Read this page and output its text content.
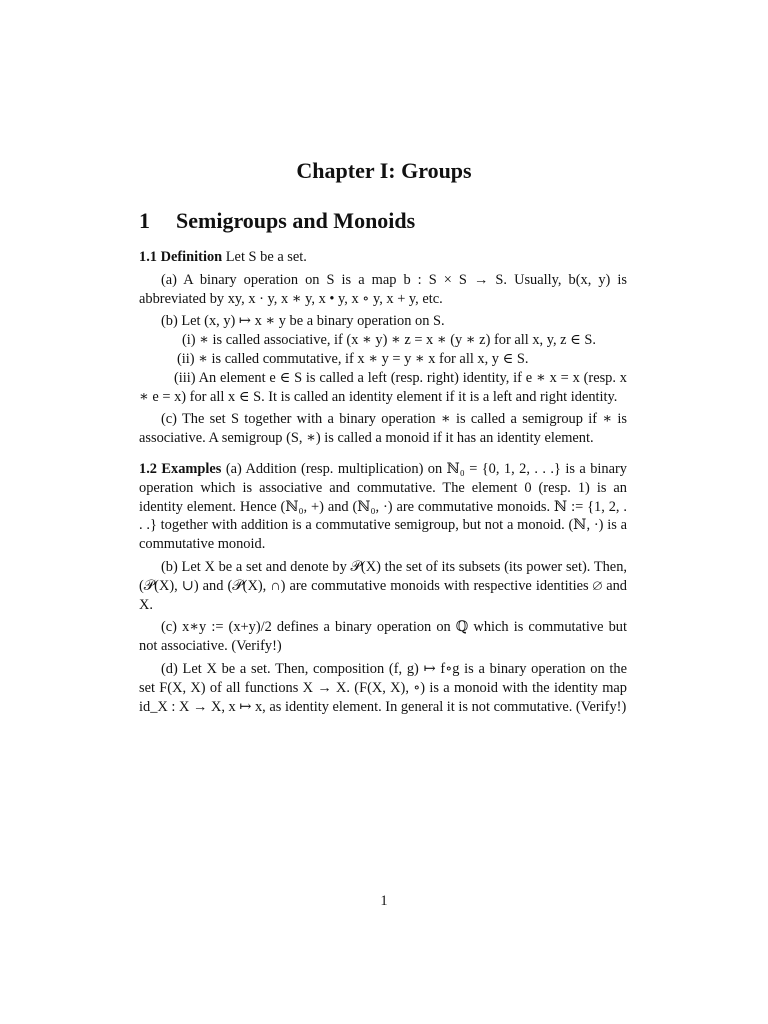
Chapter I: Groups
1 Semigroups and Monoids

1.1 Definition Let S be a set.

(a) A binary operation on S is a map b : S × S → S. Usually, b(x, y) is abbreviated by xy, x · y, x ∗ y, x • y, x ∘ y, x + y, etc.

(b) Let (x, y) ↦ x ∗ y be a binary operation on S.

(i) ∗ is called associative, if (x ∗ y) ∗ z = x ∗ (y ∗ z) for all x, y, z ∈ S.

(ii) ∗ is called commutative, if x ∗ y = y ∗ x for all x, y ∈ S.

(iii) An element e ∈ S is called a left (resp. right) identity, if e ∗ x = x (resp. x ∗ e = x) for all x ∈ S. It is called an identity element if it is a left and right identity.

(c) The set S together with a binary operation ∗ is called a semigroup if ∗ is associative. A semigroup (S, ∗) is called a monoid if it has an identity element.

1.2 Examples (a) Addition (resp. multiplication) on ℕ₀ = {0, 1, 2, . . .} is a binary operation which is associative and commutative. The element 0 (resp. 1) is an identity element. Hence (ℕ₀, +) and (ℕ₀, ·) are commutative monoids. ℕ := {1, 2, . . .} together with addition is a commutative semigroup, but not a monoid. (ℕ, ·) is a commutative monoid.

(b) Let X be a set and denote by 𝒫(X) the set of its subsets (its power set). Then, (𝒫(X), ∪) and (𝒫(X), ∩) are commutative monoids with respective identities ∅ and X.

(c) x∗y := (x+y)/2 defines a binary operation on ℚ which is commutative but not associative. (Verify!)

(d) Let X be a set. Then, composition (f, g) ↦ f∘g is a binary operation on the set F(X, X) of all functions X → X. (F(X, X), ∘) is a monoid with the identity map id_X : X → X, x ↦ x, as identity element. In general it is not commutative. (Verify!)

1
